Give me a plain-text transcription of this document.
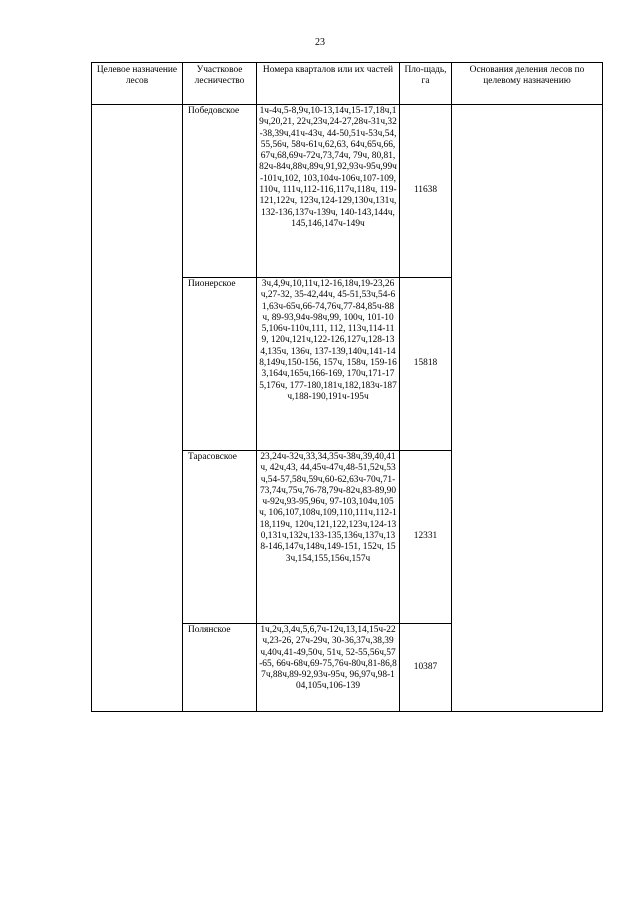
23
Целевое назначение лесов	Участковое лесничество	Номера кварталов или их частей	Пло-щадь, га	Основания деления лесов по целевому назначению
	Победовское	1ч-4ч,5-8,9ч,10-13,14ч,15-17,18ч,19ч,20,21, 22ч,23ч,24-27,28ч-31ч,32-38,39ч,41ч-43ч, 44-50,51ч-53ч,54,55,56ч, 58ч-61ч,62,63, 64ч,65ч,66,67ч,68,69ч-72ч,73,74ч, 79ч, 80,81,82ч-84ч,88ч,89ч,91,92,93ч-95ч,99ч-101ч,102, 103,104ч-106ч,107-109,110ч, 111ч,112-116,117ч,118ч, 119-121,122ч, 123ч,124-129,130ч,131ч,132-136,137ч-139ч, 140-143,144ч,145,146,147ч-149ч	11638	
	Пионерское	3ч,4,9ч,10,11ч,12-16,18ч,19-23,26ч,27-32, 35-42,44ч, 45-51,53ч,54-61,63ч-65ч,66-74,76ч,77-84,85ч-88ч, 89-93,94ч-98ч,99, 100ч, 101-105,106ч-110ч,111, 112, 113ч,114-119, 120ч,121ч,122-126,127ч,128-134,135ч, 136ч, 137-139,140ч,141-148,149ч,150-156, 157ч, 158ч, 159-163,164ч,165ч,166-169, 170ч,171-175,176ч, 177-180,181ч,182,183ч-187ч,188-190,191ч-195ч	15818	
	Тарасовское	23,24ч-32ч,33,34,35ч-38ч,39,40,41ч, 42ч,43, 44,45ч-47ч,48-51,52ч,53ч,54-57,58ч,59ч,60-62,63ч-70ч,71-73,74ч,75ч,76-78,79ч-82ч,83-89,90ч-92ч,93-95,96ч, 97-103,104ч,105ч, 106,107,108ч,109,110,111ч,112-118,119ч, 120ч,121,122,123ч,124-130,131ч,132ч,133-135,136ч,137ч,138-146,147ч,148ч,149-151, 152ч, 153ч,154,155,156ч,157ч	12331	
	Полянское	1ч,2ч,3,4ч,5,6,7ч-12ч,13,14,15ч-22ч,23-26, 27ч-29ч, 30-36,37ч,38,39ч,40ч,41-49,50ч, 51ч, 52-55,56ч,57-65, 66ч-68ч,69-75,76ч-80ч,81-86,87ч,88ч,89-92,93ч-95ч, 96,97ч,98-104,105ч,106-139	10387	
